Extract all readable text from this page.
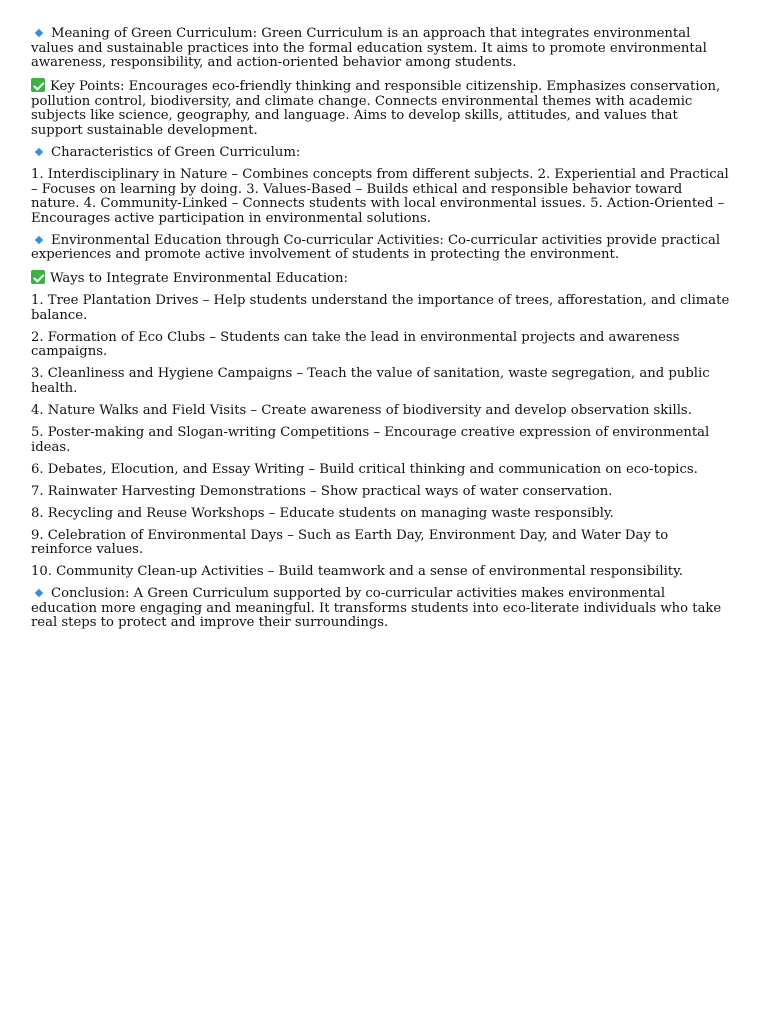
Meaning of Green Curriculum: Green Curriculum is an approach that integrates environmental values and sustainable practices into the formal education system. It aims to promote environmental awareness, responsibility, and action-oriented behavior among students.

Key Points: Encourages eco-friendly thinking and responsible citizenship. Emphasizes conservation, pollution control, biodiversity, and climate change. Connects environmental themes with academic subjects like science, geography, and language. Aims to develop skills, attitudes, and values that support sustainable development.

Characteristics of Green Curriculum:

1. Interdisciplinary in Nature – Combines concepts from different subjects. 2. Experiential and Practical – Focuses on learning by doing. 3. Values-Based – Builds ethical and responsible behavior toward nature. 4. Community-Linked – Connects students with local environmental issues. 5. Action-Oriented – Encourages active participation in environmental solutions.

Environmental Education through Co-curricular Activities: Co-curricular activities provide practical experiences and promote active involvement of students in protecting the environment.

Ways to Integrate Environmental Education:

1. Tree Plantation Drives – Help students understand the importance of trees, afforestation, and climate balance.

2. Formation of Eco Clubs – Students can take the lead in environmental projects and awareness campaigns.

3. Cleanliness and Hygiene Campaigns – Teach the value of sanitation, waste segregation, and public health.

4. Nature Walks and Field Visits – Create awareness of biodiversity and develop observation skills.

5. Poster-making and Slogan-writing Competitions – Encourage creative expression of environmental ideas.

6. Debates, Elocution, and Essay Writing – Build critical thinking and communication on eco-topics.

7. Rainwater Harvesting Demonstrations – Show practical ways of water conservation.

8. Recycling and Reuse Workshops – Educate students on managing waste responsibly.

9. Celebration of Environmental Days – Such as Earth Day, Environment Day, and Water Day to reinforce values.

10. Community Clean-up Activities – Build teamwork and a sense of environmental responsibility.

Conclusion: A Green Curriculum supported by co-curricular activities makes environmental education more engaging and meaningful. It transforms students into eco-literate individuals who take real steps to protect and improve their surroundings.
